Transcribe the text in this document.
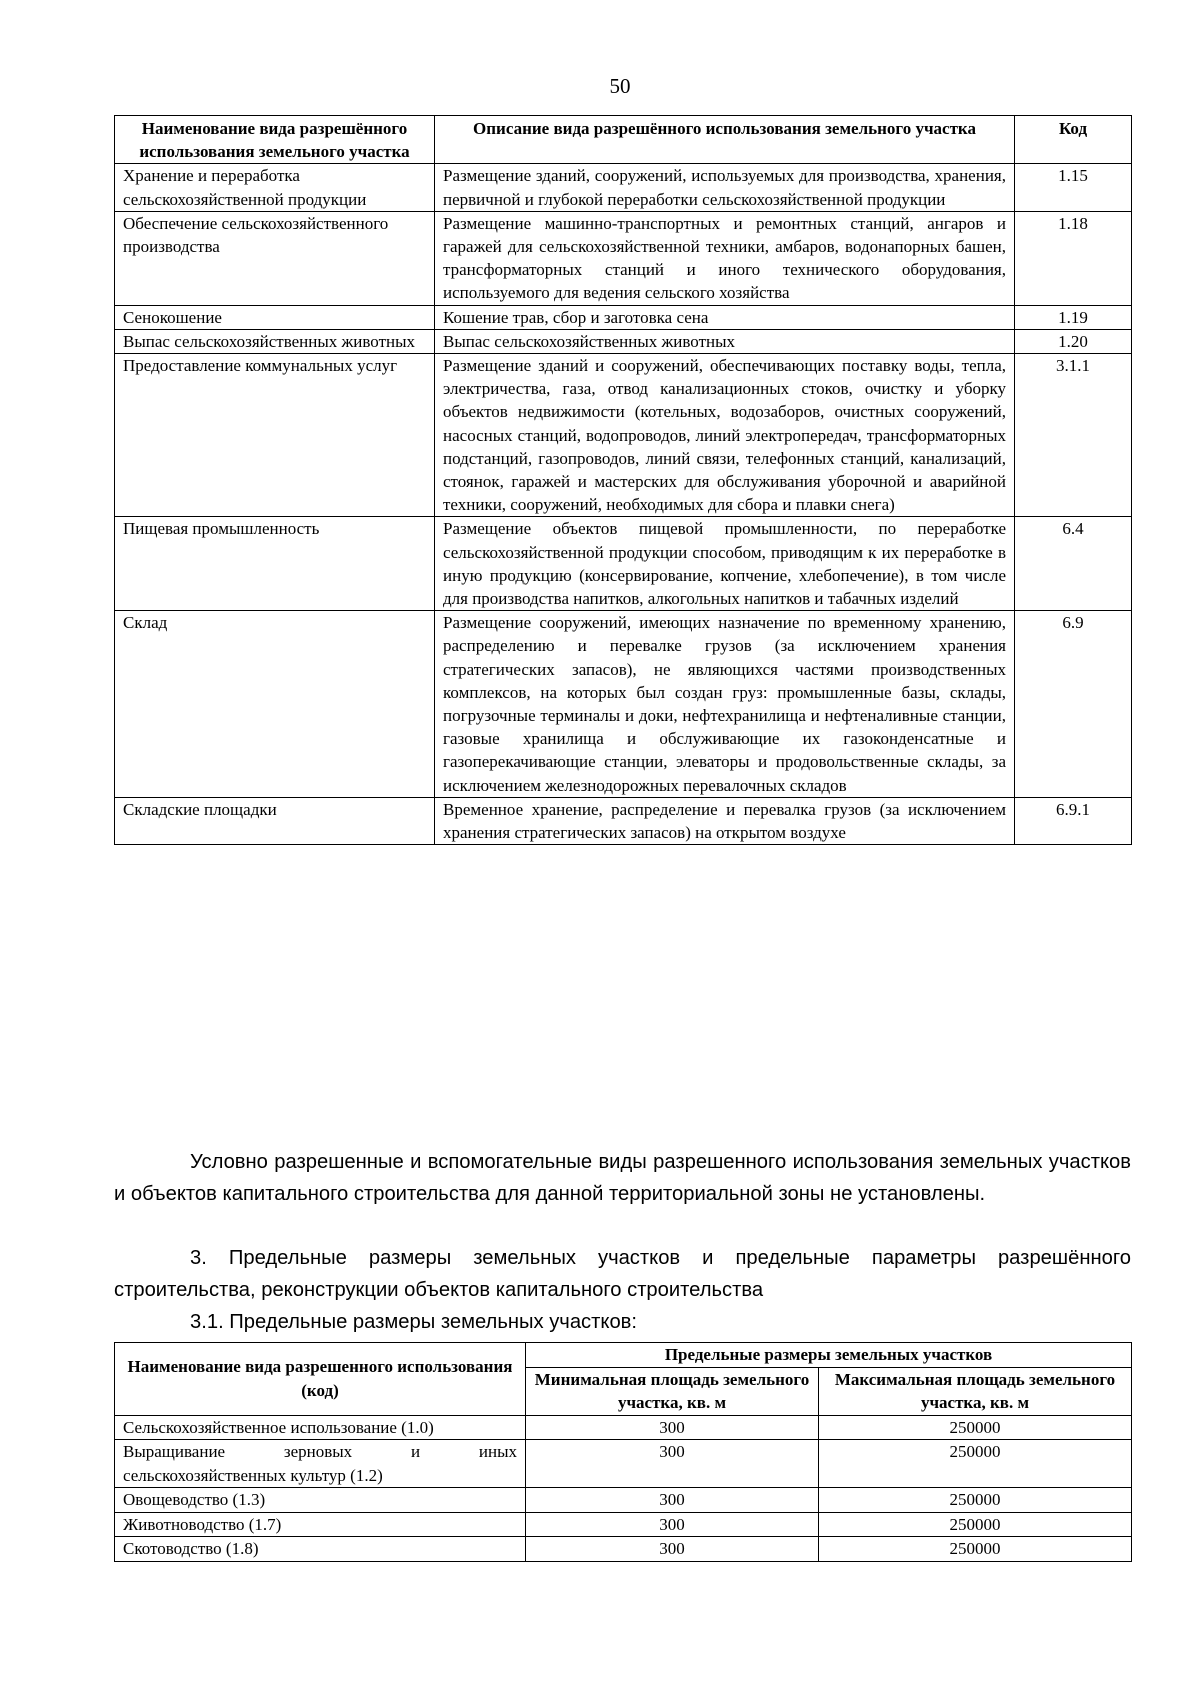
50
Наименование вида разрешённого использования земельного участка	Описание вида разрешённого использования земельного участка	Код
Хранение и переработка сельскохозяйственной продукции	Размещение зданий, сооружений, используемых для производства, хранения, первичной и глубокой переработки сельскохозяйственной продукции	1.15
Обеспечение сельскохозяйственного производства	Размещение машинно-транспортных и ремонтных станций, ангаров и гаражей для сельскохозяйственной техники, амбаров, водонапорных башен, трансформаторных станций и иного технического оборудования, используемого для ведения сельского хозяйства	1.18
Сенокошение	Кошение трав, сбор и заготовка сена	1.19
Выпас сельскохозяйственных животных	Выпас сельскохозяйственных животных	1.20
Предоставление коммунальных услуг	Размещение зданий и сооружений, обеспечивающих поставку воды, тепла, электричества, газа, отвод канализационных стоков, очистку и уборку объектов недвижимости (котельных, водозаборов, очистных сооружений, насосных станций, водопроводов, линий электропередач, трансформаторных подстанций, газопроводов, линий связи, телефонных станций, канализаций, стоянок, гаражей и мастерских для обслуживания уборочной и аварийной техники, сооружений, необходимых для сбора и плавки снега)	3.1.1
Пищевая промышленность	Размещение объектов пищевой промышленности, по переработке сельскохозяйственной продукции способом, приводящим к их переработке в иную продукцию (консервирование, копчение, хлебопечение), в том числе для производства напитков, алкогольных напитков и табачных изделий	6.4
Склад	Размещение сооружений, имеющих назначение по временному хранению, распределению и перевалке грузов (за исключением хранения стратегических запасов), не являющихся частями производственных комплексов, на которых был создан груз: промышленные базы, склады, погрузочные терминалы и доки, нефтехранилища и нефтеналивные станции, газовые хранилища и обслуживающие их газоконденсатные и газоперекачивающие станции, элеваторы и продовольственные склады, за исключением железнодорожных перевалочных складов	6.9
Складские площадки	Временное хранение, распределение и перевалка грузов (за исключением хранения стратегических запасов) на открытом воздухе	6.9.1

Условно разрешенные и вспомогательные виды разрешенного использования земельных участков и объектов капитального строительства для данной территориальной зоны не установлены.

3. Предельные размеры земельных участков и предельные параметры разрешённого строительства, реконструкции объектов капитального строительства

3.1. Предельные размеры земельных участков:

Наименование вида разрешенного использования (код)	Предельные размеры земельных участков	
	Минимальная площадь земельного участка, кв. м	Максимальная площадь земельного участка, кв. м
Сельскохозяйственное использование (1.0)	300	250000
Выращивание зерновых и иных сельскохозяйственных культур (1.2)	300	250000
Овощеводство (1.3)	300	250000
Животноводство (1.7)	300	250000
Скотоводство (1.8)	300	250000
